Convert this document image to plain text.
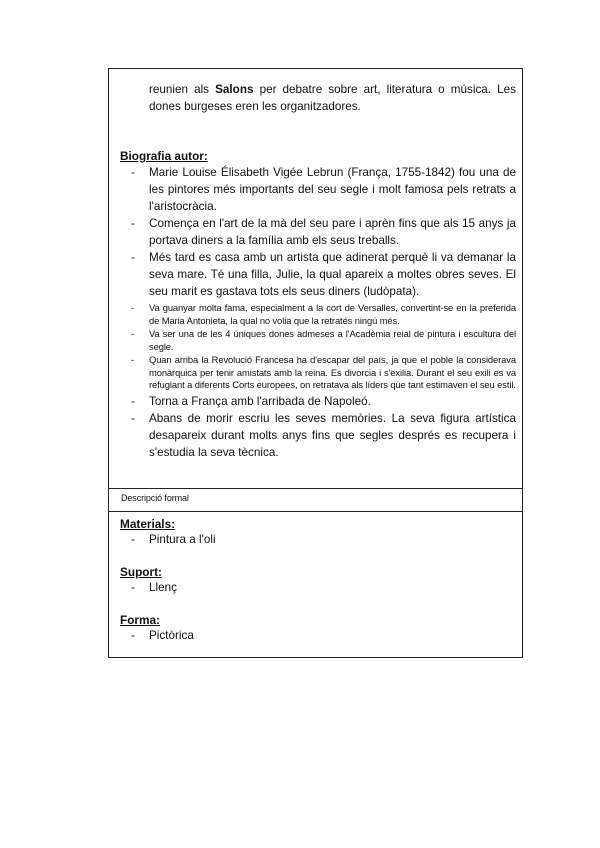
reunien als Salons per debatre sobre art, literatura o música. Les dones burgeses eren les organitzadores.
Biografia autor:
- Marie Louise Élisabeth Vigée Lebrun (França, 1755-1842) fou una de les pintores més importants del seu segle i molt famosa pels retrats a l'aristocràcia.
- Comença en l'art de la mà del seu pare i aprèn fins que als 15 anys ja portava diners a la família amb els seus treballs.
- Més tard es casa amb un artista que adinerat perquè li va demanar la seva mare. Té una filla, Julie, la qual apareix a moltes obres seves. El seu marit es gastava tots els seus diners (ludòpata).
- Va guanyar molta fama, especialment a la cort de Versalles, convertint-se en la preferida de Maria Antonieta, la qual no volia que la retratés ningú més.
- Va ser una de les 4 úniques dones admeses a l'Acadèmia reial de pintura i escultura del segle.
- Quan arriba la Revolució Francesa ha d'escapar del país, ja que el poble la considerava monàrquica per tenir amistats amb la reina. Es divorcia i s'exilia. Durant el seu exili es va refugiant a diferents Corts europees, on retratava als líders que tant estimaven el seu estil.
- Torna a França amb l'arribada de Napoleó.
- Abans de morir escriu les seves memòries. La seva figura artística desapareix durant molts anys fins que segles després es recupera i s'estudia la seva tècnica.
Descripció formal
Materials:
- Pintura a l'oli
Suport:
- Llenç
Forma:
- Pictòrica
